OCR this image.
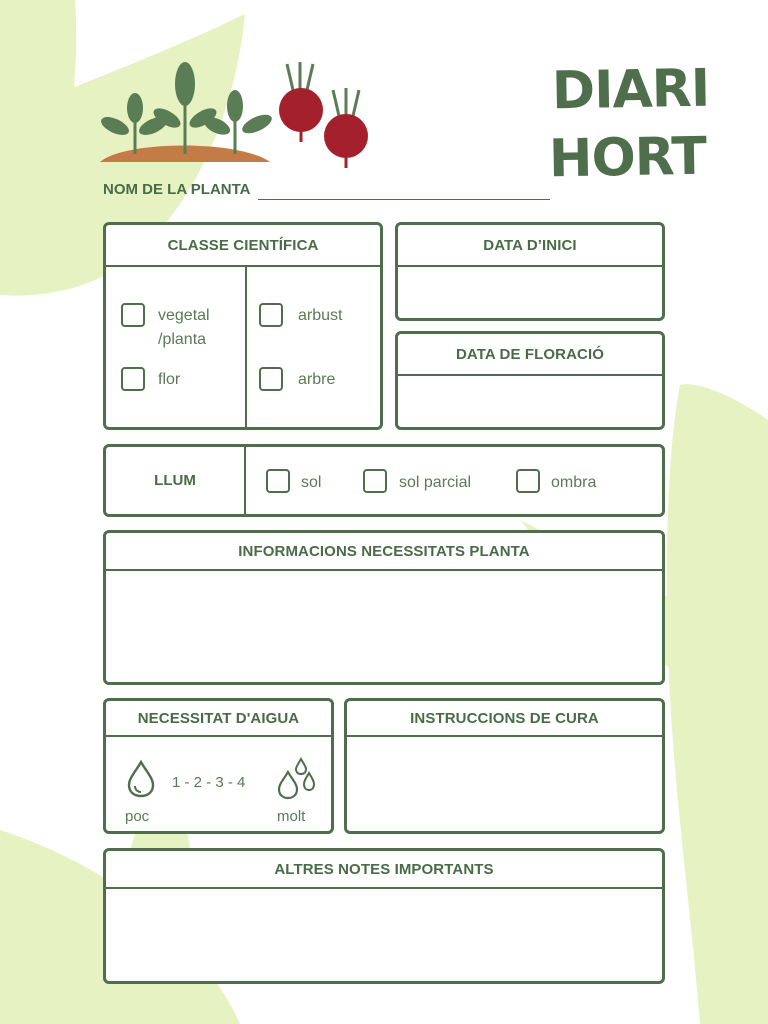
DIARI
HORT
NOM DE LA PLANTA
CLASSE CIENTÍFICA
vegetal
/planta
flor
arbust
arbre
DATA D’INICI
DATA DE FLORACIÓ
LLUM	sol	sol parcial	ombra
INFORMACIONS NECESSITATS PLANTA
NECESSITAT D'AIGUA
1 - 2 - 3 - 4
poc	molt
INSTRUCCIONS DE CURA
ALTRES NOTES IMPORTANTS
